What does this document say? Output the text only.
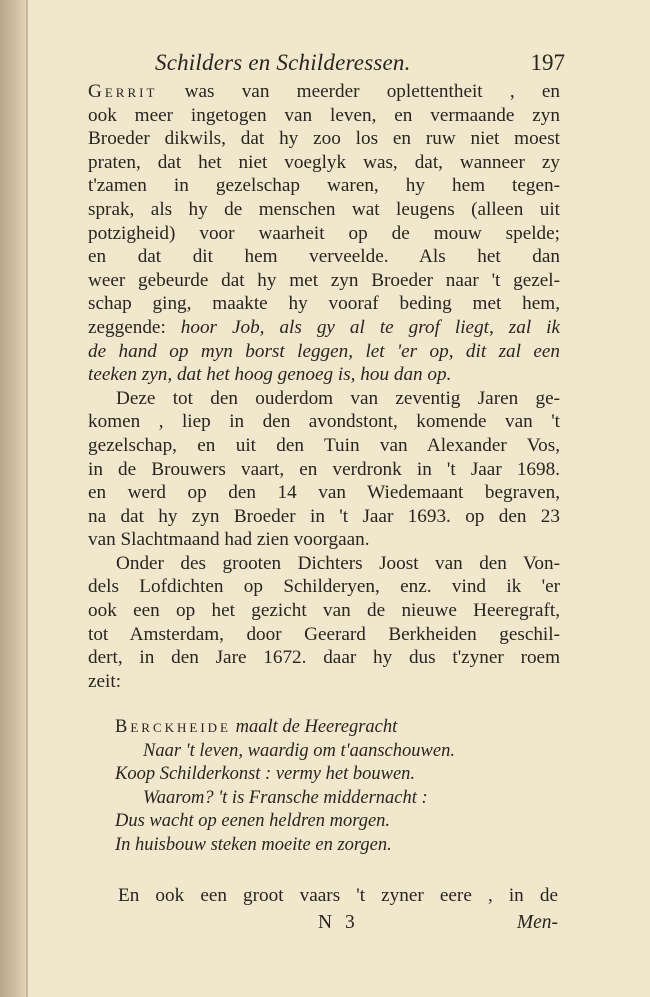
Schilders en Schilderessen.	197
Gerrit was van meerder oplettentheit , en
ook meer ingetogen van leven, en vermaande zyn
Broeder dikwils, dat hy zoo los en ruw niet moest
praten, dat het niet voeglyk was, dat, wanneer zy
t'zamen in gezelschap waren, hy hem tegen-
sprak, als hy de menschen wat leugens (alleen uit
potzigheid) voor waarheit op de mouw spelde;
en dat dit hem verveelde. Als het dan
weer gebeurde dat hy met zyn Broeder naar 't gezel-
schap ging, maakte hy vooraf beding met hem,
zeggende: hoor Job, als gy al te grof liegt, zal ik
de hand op myn borst leggen, let 'er op, dit zal een
teeken zyn, dat het hoog genoeg is, hou dan op.
Deze tot den ouderdom van zeventig Jaren ge-
komen , liep in den avondstont, komende van 't
gezelschap, en uit den Tuin van Alexander Vos,
in de Brouwers vaart, en verdronk in 't Jaar 1698.
en werd op den 14 van Wiedemaant begraven,
na dat hy zyn Broeder in 't Jaar 1693. op den 23
van Slachtmaand had zien voorgaan.
Onder des grooten Dichters Joost van den Von-
dels Lofdichten op Schilderyen, enz. vind ik 'er
ook een op het gezicht van de nieuwe Heeregraft,
tot Amsterdam, door Geerard Berkheiden geschil-
dert, in den Jare 1672. daar hy dus t'zyner roem
zeit:
Berckheide maalt de Heeregracht
Naar 't leven, waardig om t'aanschouwen.
Koop Schilderkonst : vermy het bouwen.
Waarom? 't is Fransche middernacht :
Dus wacht op eenen heldren morgen.
In huisbouw steken moeite en zorgen.
En ook een groot vaars 't zyner eere , in de
N 3	Men-
